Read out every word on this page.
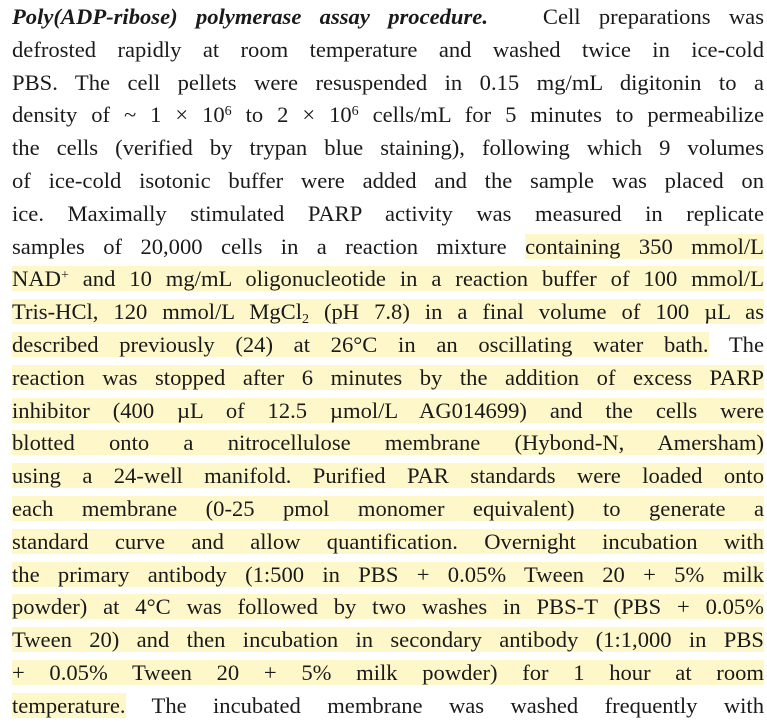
Poly(ADP-ribose) polymerase assay procedure. Cell preparations was
defrosted rapidly at room temperature and washed twice in ice-cold
PBS. The cell pellets were resuspended in 0.15 mg/mL digitonin to a
density of ~ $1 \times 10^6$ to $2 \times 10^6$ cells/mL for 5 minutes to permeabilize
the cells (verified by trypan blue staining), following which 9 volumes
of ice-cold isotonic buffer were added and the sample was placed on
ice. Maximally stimulated PARP activity was measured in replicate
samples of 20,000 cells in a reaction mixture containing 350 mmol/L
NAD+ and 10 mg/mL oligonucleotide in a reaction buffer of 100 mmol/L
Tris-HCl, 120 mmol/L MgCl$_2$ (pH 7.8) in a final volume of 100 µL as
described previously (24) at 26°C in an oscillating water bath. The
reaction was stopped after 6 minutes by the addition of excess PARP
inhibitor (400 µL of 12.5 µmol/L AG014699) and the cells were
blotted onto a nitrocellulose membrane (Hybond-N, Amersham)
using a 24-well manifold. Purified PAR standards were loaded onto
each membrane (0-25 pmol monomer equivalent) to generate a
standard curve and allow quantification. Overnight incubation with
the primary antibody (1:500 in PBS + 0.05% Tween 20 + 5% milk
powder) at 4°C was followed by two washes in PBS-T (PBS + 0.05%
Tween 20) and then incubation in secondary antibody (1:1,000 in PBS
+ 0.05% Tween 20 + 5% milk powder) for 1 hour at room
temperature. The incubated membrane was washed frequently with
